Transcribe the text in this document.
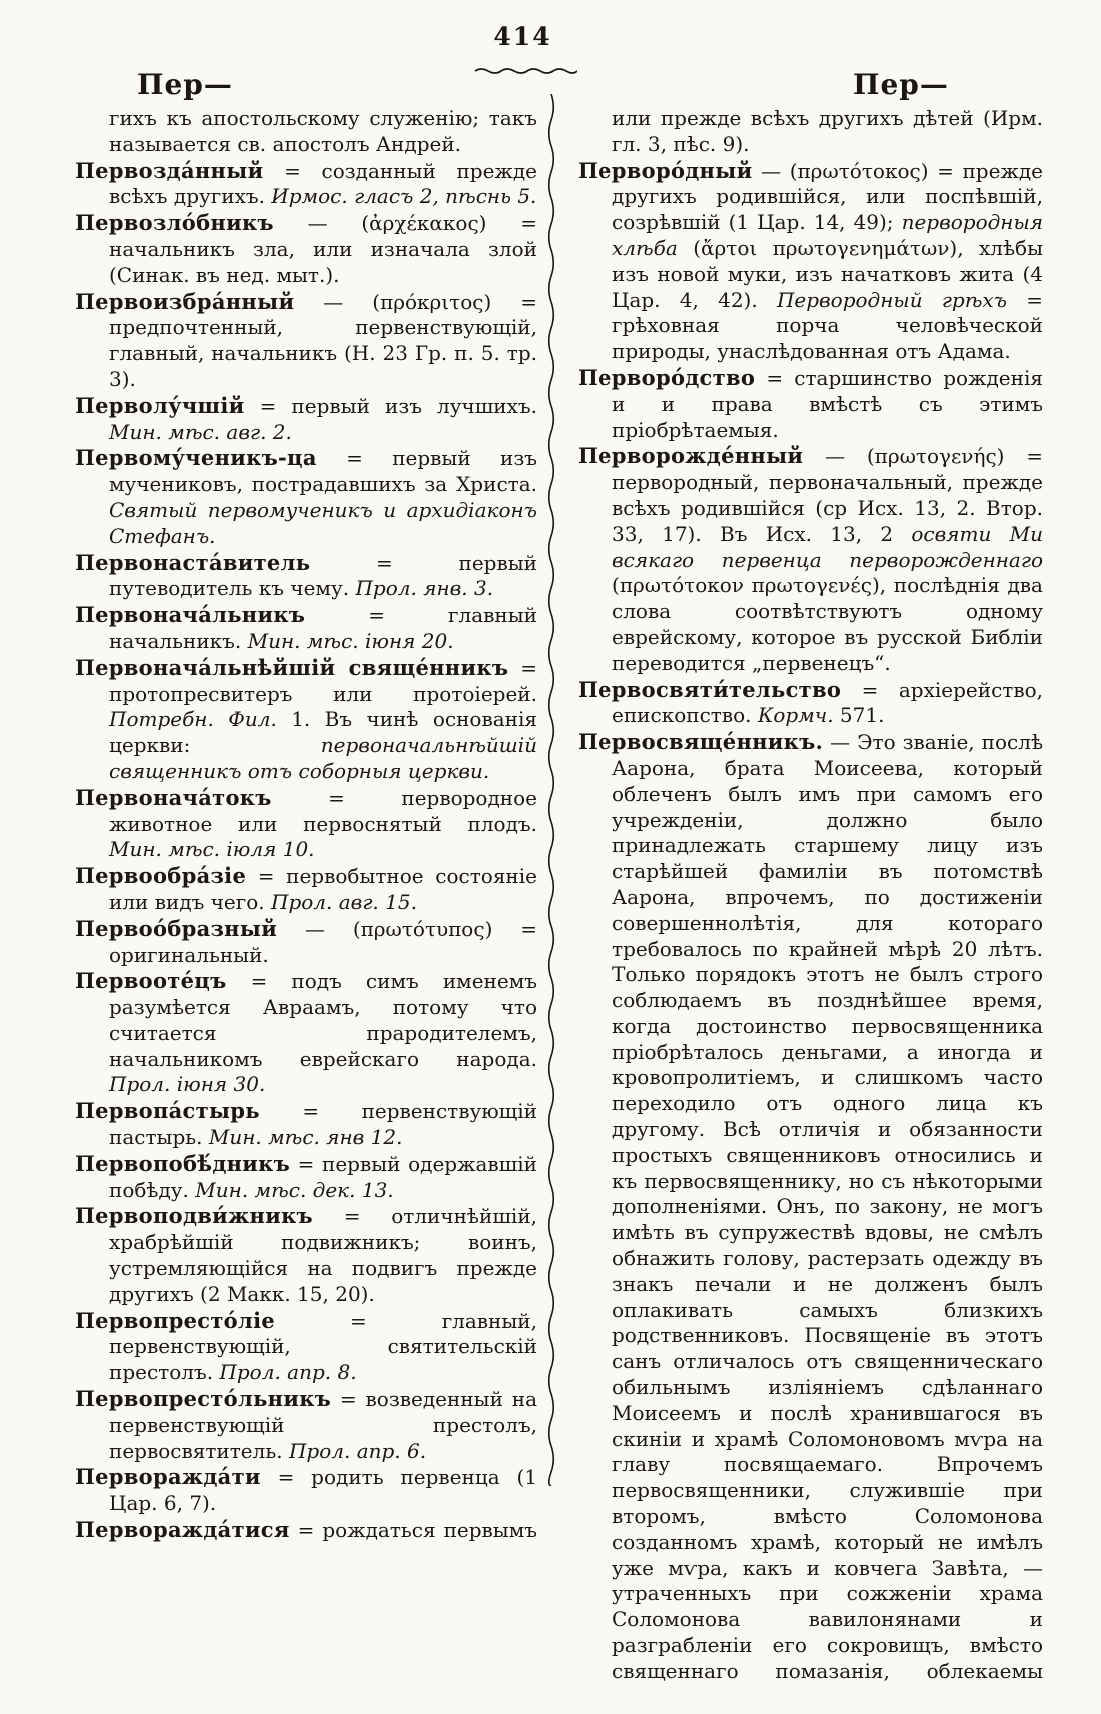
414
Пер—	Пер—

гихъ къ апостольскому служенію; такъ называется св. апостолъ Андрей.

Первозда́нный = созданный прежде всѣхъ другихъ. Ирмос. гласъ 2, пѣснь 5.

Первозло́бникъ — (ἀρχέκακος) = начальникъ зла, или изначала злой (Синак. въ нед. мыт.).

Первоизбра́нный — (πρόκριτος) = предпочтенный, первенствующій, главный, начальникъ (Н. 23 Гр. п. 5. тр. 3).

Перволу́чшій = первый изъ лучшихъ. Мин. мѣс. авг. 2.

Первому́ченикъ-ца = первый изъ мучениковъ, пострадавшихъ за Христа. Святый первомученикъ и архидіаконъ Стефанъ.

Первонаста́витель = первый путеводитель къ чему. Прол. янв. 3.

Первонача́льникъ = главный начальникъ. Мин. мѣс. іюня 20.

Первонача́льнѣйшій свяще́нникъ = протопресвитеръ или протоіерей. Потребн. Фил. 1. Въ чинѣ основанія церкви: первоначальнѣйшій священникъ отъ соборныя церкви.

Первонача́токъ = первородное животное или первоснятый плодъ. Мин. мѣс. іюля 10.

Первообра́зіе = первобытное состояніе или видъ чего. Прол. авг. 15.

Первоо́бразный — (πρωτότυπος) = оригинальный.

Первооте́цъ = подъ симъ именемъ разумѣется Авраамъ, потому что считается прародителемъ, начальникомъ еврейскаго народа. Прол. іюня 30.

Первопа́стырь = первенствующій пастырь. Мин. мѣс. янв 12.

Первопобѣ́дникъ = первый одержавшій побѣду. Мин. мѣс. дек. 13.

Первоподви́жникъ = отличнѣйшій, храбрѣйшій подвижникъ; воинъ, устремляющійся на подвигъ прежде другихъ (2 Макк. 15, 20).

Первопресто́ліе = главный, первенствующій, святительскій престолъ. Прол. апр. 8.

Первопресто́льникъ = возведенный на первенствующій престолъ, первосвятитель. Прол. апр. 6.

Перворажда́ти = родить первенца (1 Цар. 6, 7).

Перворажда́тися = рождаться первымъ

или прежде всѣхъ другихъ дѣтей (Ирм. гл. 3, пѣс. 9).

Перворо́дный — (πρωτότοκος) = прежде другихъ родившійся, или поспѣвшій, созрѣвшій (1 Цар. 14, 49); первородныя хлѣба (ἄρτοι πρωτογενημάτων), хлѣбы изъ новой муки, изъ начатковъ жита (4 Цар. 4, 42). Первородный грѣхъ = грѣховная порча человѣческой природы, унаслѣдованная отъ Адама.

Перворо́дство = старшинство рожденія и и права вмѣстѣ съ этимъ пріобрѣтаемыя.

Перворожде́нный — (πρωτογενής) = первородный, первоначальный, прежде всѣхъ родившійся (ср Исх. 13, 2. Втор. 33, 17). Въ Исх. 13, 2 освяти Ми всякаго первенца перворожденнаго (πρωτότοκον πρωτογενές), послѣднія два слова соотвѣтствуютъ одному еврейскому, которое въ русской Библіи переводится „первенецъ“.

Первосвяти́тельство = архіерейство, епископство. Кормч. 571.

Первосвяще́нникъ. — Это званіе, послѣ Аарона, брата Моисеева, который облеченъ былъ имъ при самомъ его учрежденіи, должно было принадлежать старшему лицу изъ старѣйшей фамиліи въ потомствѣ Аарона, впрочемъ, по достиженіи совершеннолѣтія, для котораго требовалось по крайней мѣрѣ 20 лѣтъ. Только порядокъ этотъ не былъ строго соблюдаемъ въ позднѣйшее время, когда достоинство первосвященника пріобрѣталось деньгами, а иногда и кровопролитіемъ, и слишкомъ часто переходило отъ одного лица къ другому. Всѣ отличія и обязанности простыхъ священниковъ относились и къ первосвященнику, но съ нѣкоторыми дополненіями. Онъ, по закону, не могъ имѣть въ супружествѣ вдовы, не смѣлъ обнажить голову, растерзать одежду въ знакъ печали и не долженъ былъ оплакивать самыхъ близкихъ родственниковъ. Посвященіе въ этотъ санъ отличалось отъ священническаго обильнымъ изліяніемъ сдѣланнаго Моисеемъ и послѣ хранившагося въ скиніи и храмѣ Соломоновомъ мѵра на главу посвящаемаго. Впрочемъ первосвященники, служившіе при второмъ, вмѣсто Соломонова созданномъ храмѣ, который не имѣлъ уже мѵра, какъ и ковчега Завѣта, — утраченныхъ при сожженіи храма Соломонова вавилонянами и разграбленіи его сокровищъ, вмѣсто священнаго помазанія, облекаемы
